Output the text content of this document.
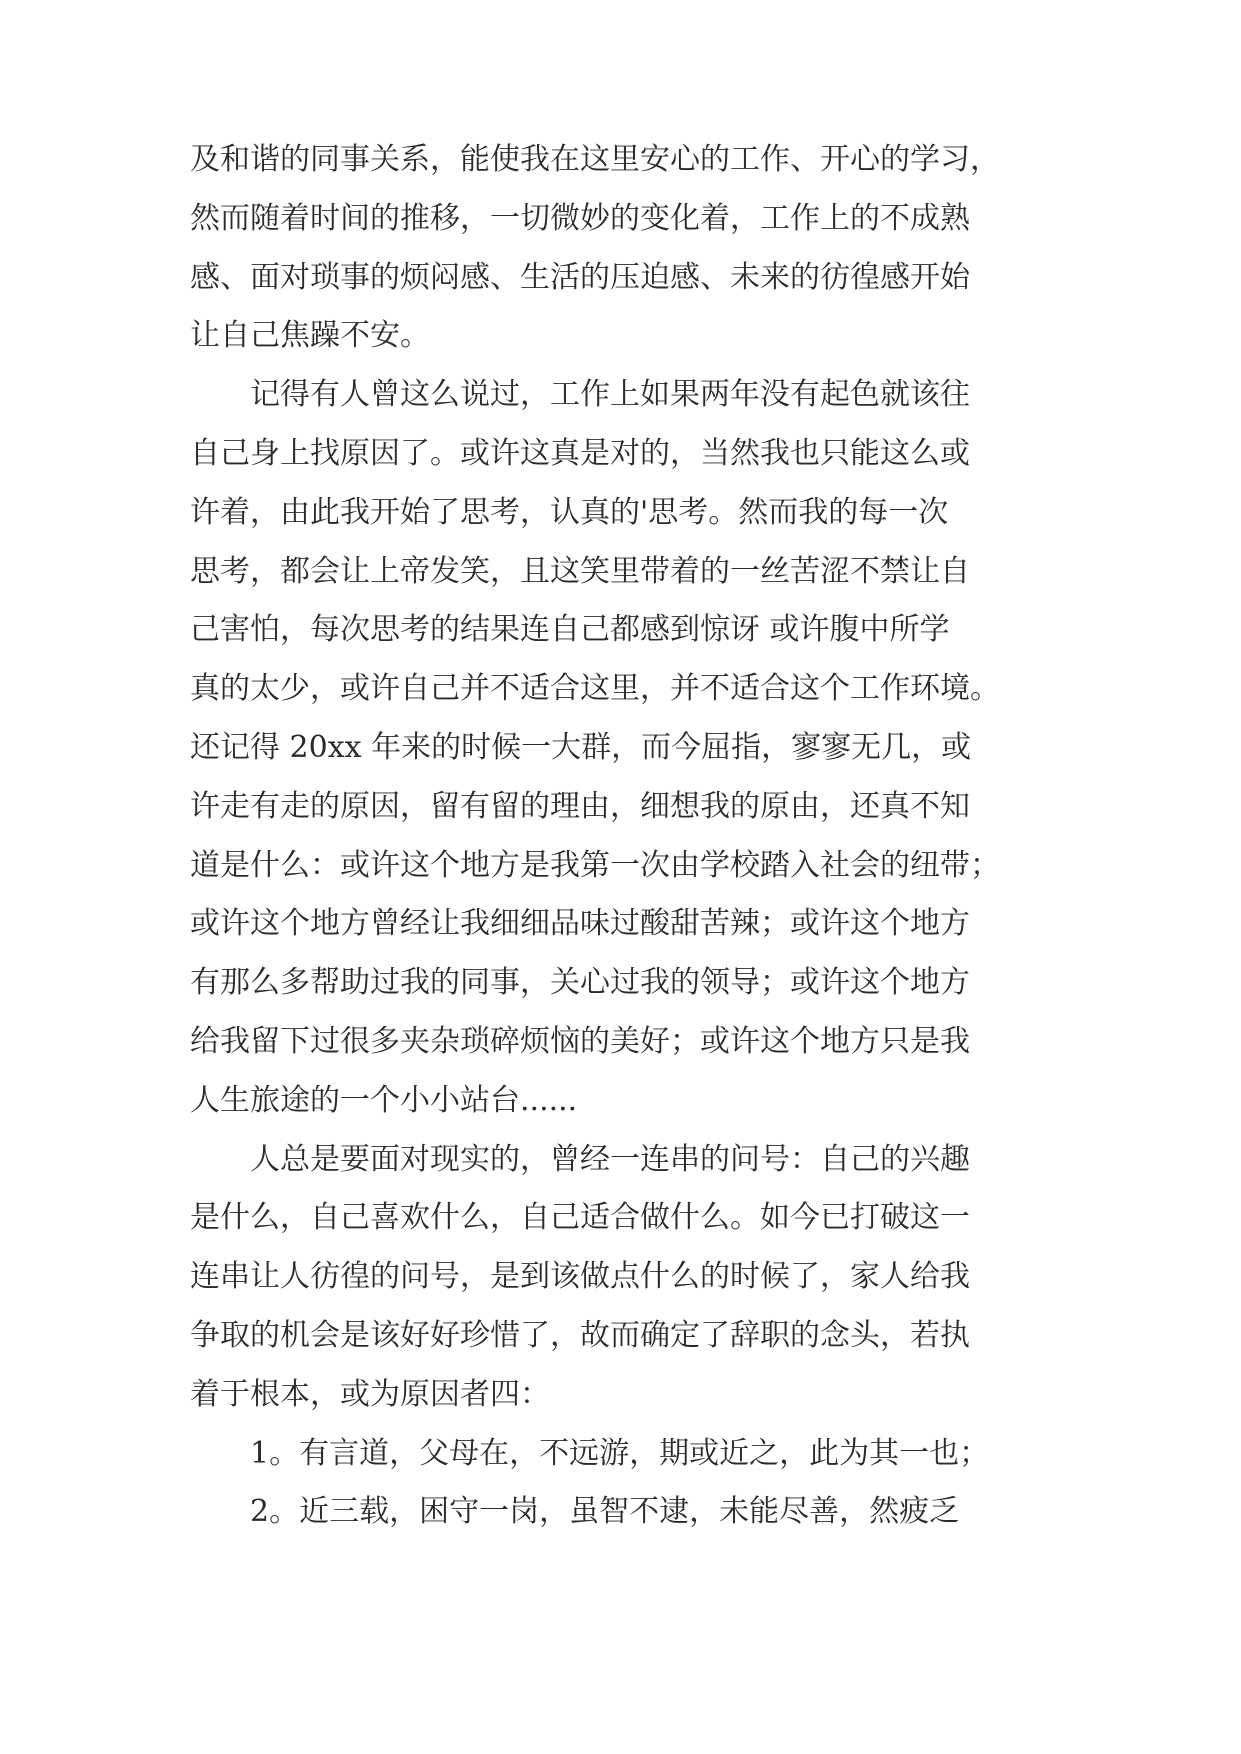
及和谐的同事关系，能使我在这里安心的工作、开心的学习，

然而随着时间的推移，一切微妙的变化着，工作上的不成熟

感、面对琐事的烦闷感、生活的压迫感、未来的彷徨感开始

让自己焦躁不安。

　　记得有人曾这么说过，工作上如果两年没有起色就该往

自己身上找原因了。或许这真是对的，当然我也只能这么或

许着，由此我开始了思考，认真的'思考。然而我的每一次

思考，都会让上帝发笑，且这笑里带着的一丝苦涩不禁让自

己害怕，每次思考的结果连自己都感到惊讶 或许腹中所学

真的太少，或许自己并不适合这里，并不适合这个工作环境。

还记得 20xx 年来的时候一大群，而今屈指，寥寥无几，或

许走有走的原因，留有留的理由，细想我的原由，还真不知

道是什么：或许这个地方是我第一次由学校踏入社会的纽带；

或许这个地方曾经让我细细品味过酸甜苦辣；或许这个地方

有那么多帮助过我的同事，关心过我的领导；或许这个地方

给我留下过很多夹杂琐碎烦恼的美好；或许这个地方只是我

人生旅途的一个小小站台......

　　人总是要面对现实的，曾经一连串的问号：自己的兴趣

是什么，自己喜欢什么，自己适合做什么。如今已打破这一

连串让人彷徨的问号，是到该做点什么的时候了，家人给我

争取的机会是该好好珍惜了，故而确定了辞职的念头，若执

着于根本，或为原因者四：

　　1。有言道，父母在，不远游，期或近之，此为其一也；

　　2。近三载，困守一岗，虽智不逮，未能尽善，然疲乏
